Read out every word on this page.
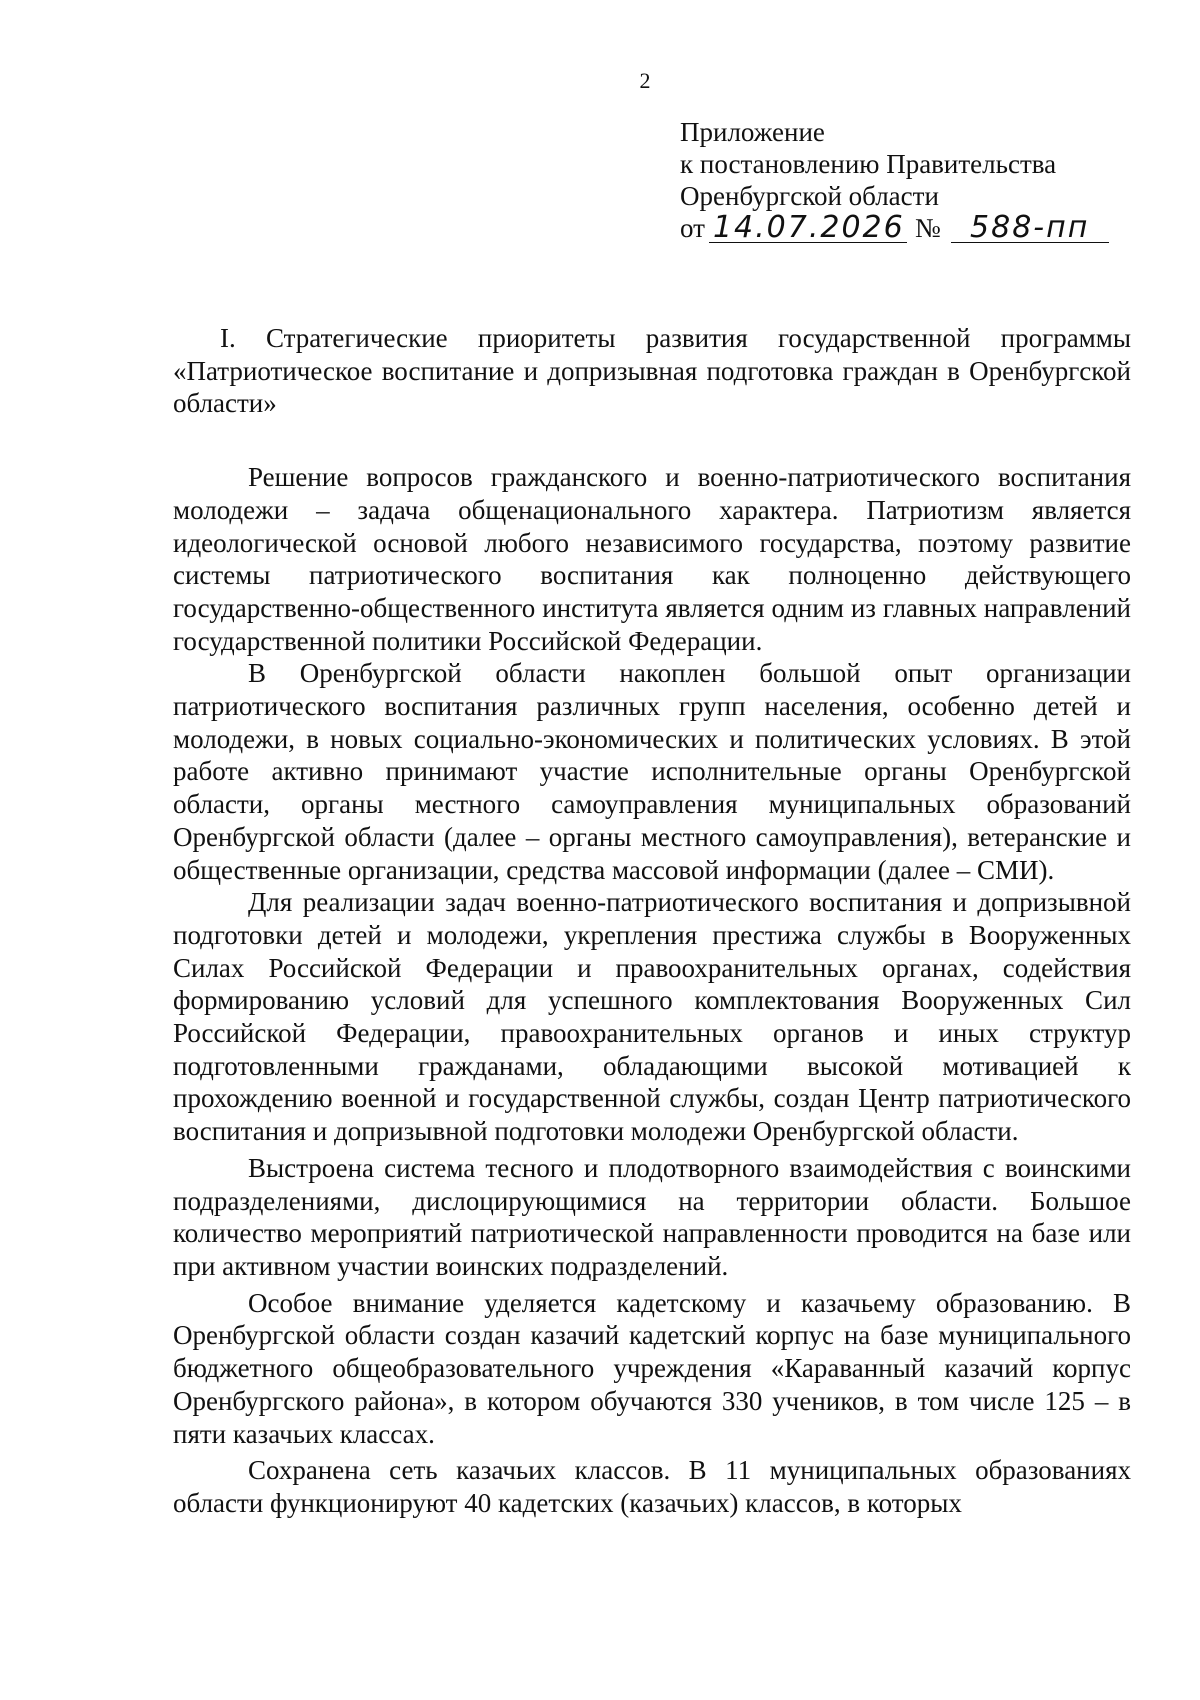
2
Приложение
к постановлению Правительства
Оренбургской области
от 14.07.2026 № 588-пп

I. Стратегические приоритеты развития государственной программы «Патриотическое воспитание и допризывная подготовка граждан в Оренбургской области»

Решение вопросов гражданского и военно-патриотического воспитания молодежи – задача общенационального характера. Патриотизм является идеологической основой любого независимого государства, поэтому развитие системы патриотического воспитания как полноценно действующего государственно-общественного института является одним из главных направлений государственной политики Российской Федерации.

В Оренбургской области накоплен большой опыт организации патриотического воспитания различных групп населения, особенно детей и молодежи, в новых социально-экономических и политических условиях. В этой работе активно принимают участие исполнительные органы Оренбургской области, органы местного самоуправления муниципальных образований Оренбургской области (далее – органы местного самоуправления), ветеранские и общественные организации, средства массовой информации (далее – СМИ).

Для реализации задач военно-патриотического воспитания и допризывной подготовки детей и молодежи, укрепления престижа службы в Вооруженных Силах Российской Федерации и правоохранительных органах, содействия формированию условий для успешного комплектования Вооруженных Сил Российской Федерации, правоохранительных органов и иных структур подготовленными гражданами, обладающими высокой мотивацией к прохождению военной и государственной службы, создан Центр патриотического воспитания и допризывной подготовки молодежи Оренбургской области.

Выстроена система тесного и плодотворного взаимодействия с воинскими подразделениями, дислоцирующимися на территории области. Большое количество мероприятий патриотической направленности проводится на базе или при активном участии воинских подразделений.

Особое внимание уделяется кадетскому и казачьему образованию. В Оренбургской области создан казачий кадетский корпус на базе муниципального бюджетного общеобразовательного учреждения «Караванный казачий корпус Оренбургского района», в котором обучаются 330 учеников, в том числе 125 – в пяти казачьих классах.

Сохранена сеть казачьих классов. В 11 муниципальных образованиях области функционируют 40 кадетских (казачьих) классов, в которых
